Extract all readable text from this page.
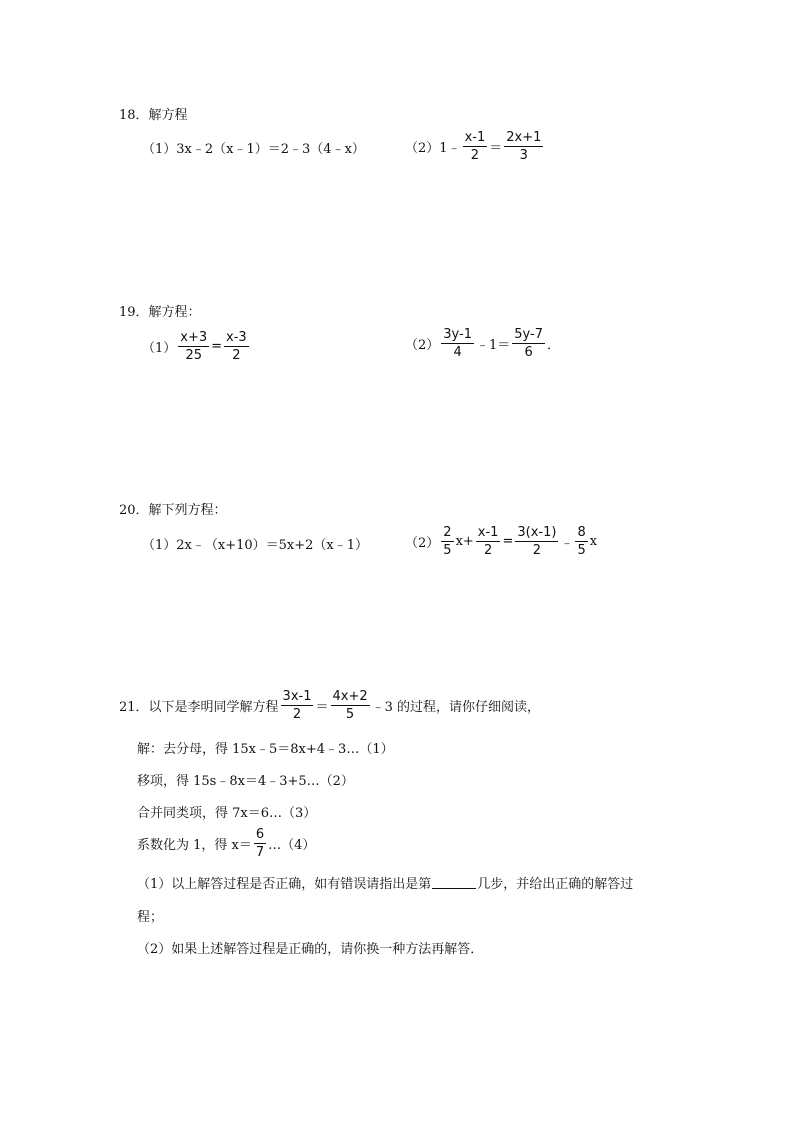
18．解方程
（1）3x﹣2（x﹣1）＝2﹣3（4﹣x）	（2） 1﹣ $\frac{x-1}{2} = \frac{2x+1}{3}$
19．解方程：
$(1) \frac{x+3}{25} = \frac{x-3}{2}$	$(2) \frac{3y-1}{4}$ ﹣1＝ $\frac{5y-7}{6}$ ．
20．解下列方程：
（1）2x﹣（x+10）＝5x+2（x﹣1）	$(2) \frac{2}{5} x+ \frac{x-1}{2} = \frac{3(x-1)}{2}$ ﹣ $\frac{8}{5}$ x
21．以下是李明同学解方程 $\frac{3x-1}{2} = \frac{4x+2}{5}$ ﹣3 的过程，请你仔细阅读，
解：去分母，得 15x﹣5＝8x+4﹣3…（1）
移项，得 15s﹣8x＝4﹣3+5…（2）
合并同类项，得 7x＝6…（3）
系数化为 1，得 $x= \frac{6}{7}$ …（4）
（1）以上解答过程是否正确，如有错误请指出是第	几步，并给出正确的解答过
程；
（2）如果上述解答过程是正确的，请你换一种方法再解答．
